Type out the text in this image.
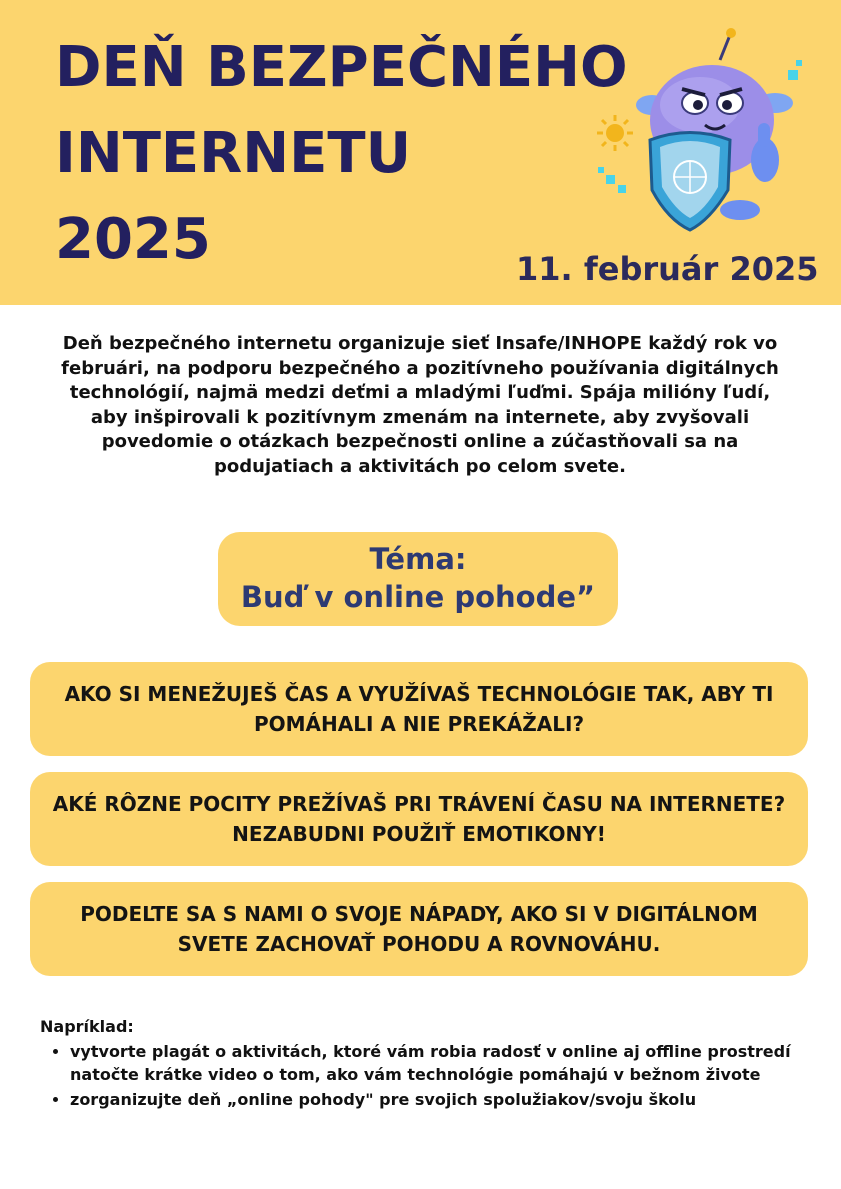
DEŇ BEZPEČNÉHO
INTERNETU
2025	11. február 2025
Deň bezpečného internetu organizuje sieť Insafe/INHOPE každý rok vo februári, na podporu bezpečného a pozitívneho používania digitálnych technológií, najmä medzi deťmi a mladými ľuďmi. Spája milióny ľudí, aby inšpirovali k pozitívnym zmenám na internete, aby zvyšovali povedomie o otázkach bezpečnosti online a zúčastňovali sa na podujatiach a aktivitách po celom svete.
Téma:
Buď v online pohode”
AKO SI MENEŽUJEŠ ČAS A VYUŽÍVAŠ TECHNOLÓGIE TAK, ABY TI
POMÁHALI A NIE PREKÁŽALI?
AKÉ RÔZNE POCITY PREŽÍVAŠ PRI TRÁVENÍ ČASU NA INTERNETE?
NEZABUDNI POUŽIŤ EMOTIKONY!
PODEĽTE SA S NAMI O SVOJE NÁPADY, AKO SI V DIGITÁLNOM
SVETE ZACHOVAŤ POHODU A ROVNOVÁHU.
Napríklad:
• vytvorte plagát o aktivitách, ktoré vám robia radosť v online aj offline prostredí natočte krátke video o tom, ako vám technológie pomáhajú v bežnom živote
• zorganizujte deň „online pohody" pre svojich spolužiakov/svoju školu
